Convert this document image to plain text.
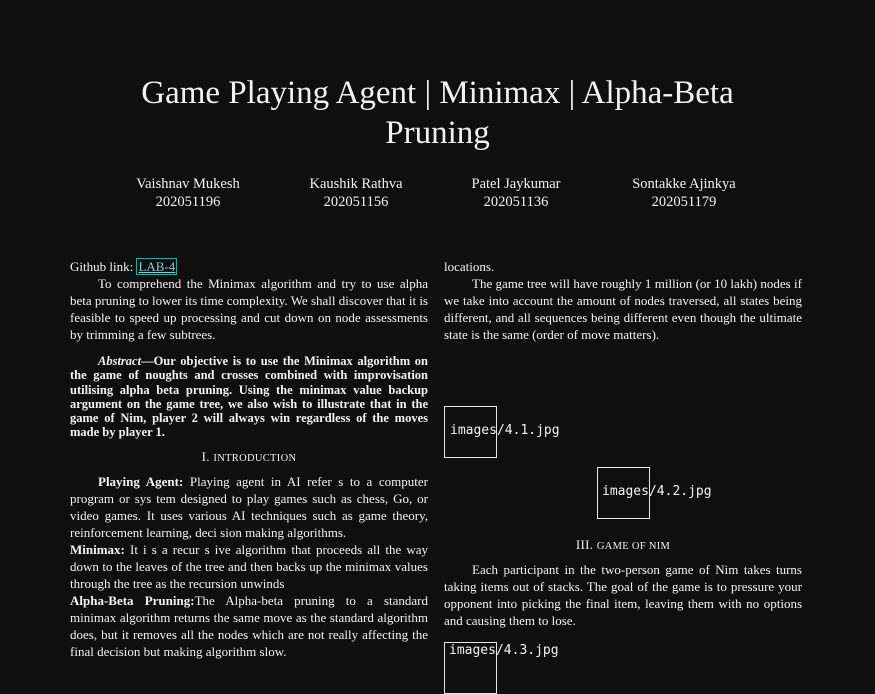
Game Playing Agent | Minimax | Alpha-Beta
Pruning
Vaishnav Mukesh
202051196
Kaushik Rathva
202051156
Patel Jaykumar
202051136
Sontakke Ajinkya
202051179

Github link: LAB-4

To comprehend the Minimax algorithm and try to use alpha beta pruning to lower its time complexity. We shall discover that it is feasible to speed up processing and cut down on node assessments by trimming a few subtrees.

Abstract—Our objective is to use the Minimax algorithm on the game of noughts and crosses combined with improvisation utilising alpha beta pruning. Using the minimax value backup argument on the game tree, we also wish to illustrate that in the game of Nim, player 2 will always win regardless of the moves made by player 1.

I. INTRODUCTION

Playing Agent: Playing agent in AI refer s to a computer program or sys tem designed to play games such as chess, Go, or video games. It uses various AI techniques such as game theory, reinforcement learning, deci sion making algorithms.

Minimax: It i s a recur s ive algorithm that proceeds all the way down to the leaves of the tree and then backs up the minimax values through the tree as the recursion unwinds

Alpha-Beta Pruning:The Alpha-beta pruning to a standard minimax algorithm returns the same move as the standard algorithm does, but it removes all the nodes which are not really affecting the final decision but making algorithm slow.

locations.

The game tree will have roughly 1 million (or 10 lakh) nodes if we take into account the amount of nodes traversed, all states being different, and all sequences being different even though the ultimate state is the same (order of move matters).

images/4.1.jpg
images/4.2.jpg

III. GAME OF NIM

Each participant in the two-person game of Nim takes turns taking items out of stacks. The goal of the game is to pressure your opponent into picking the final item, leaving them with no options and causing them to lose.

images/4.3.jpg
